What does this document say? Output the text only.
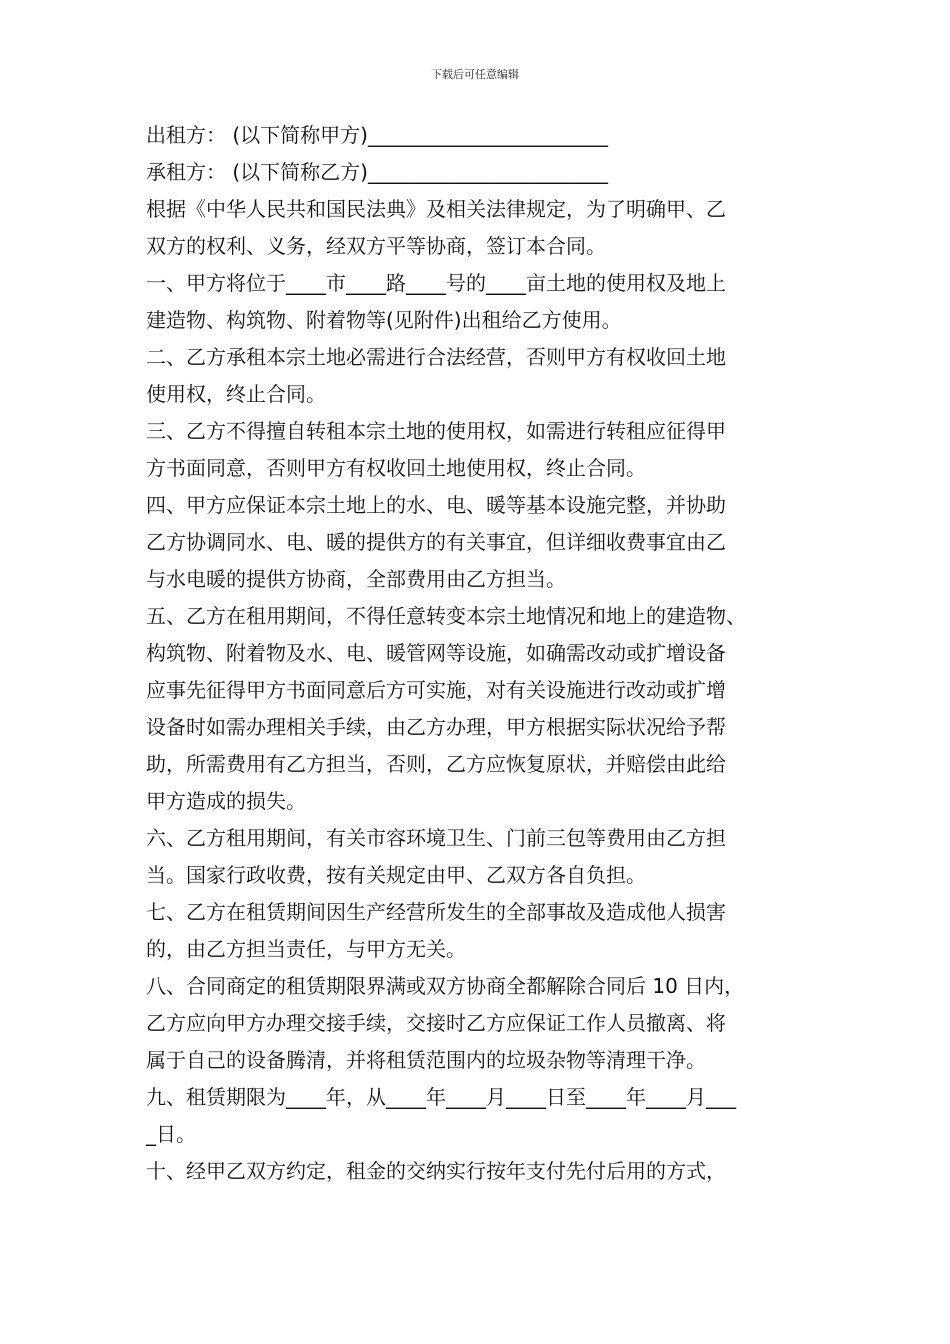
下载后可任意编辑
出租方： (以下简称甲方)________________________
承租方： (以下简称乙方)________________________
根据《中华人民共和国民法典》及相关法律规定，为了明确甲、乙
双方的权利、义务，经双方平等协商，签订本合同。
一、甲方将位于____市____路____号的____亩土地的使用权及地上
建造物、构筑物、附着物等(见附件)出租给乙方使用。
二、乙方承租本宗土地必需进行合法经营，否则甲方有权收回土地
使用权，终止合同。
三、乙方不得擅自转租本宗土地的使用权，如需进行转租应征得甲
方书面同意，否则甲方有权收回土地使用权，终止合同。
四、甲方应保证本宗土地上的水、电、暖等基本设施完整，并协助
乙方协调同水、电、暖的提供方的有关事宜，但详细收费事宜由乙
与水电暖的提供方协商，全部费用由乙方担当。
五、乙方在租用期间，不得任意转变本宗土地情况和地上的建造物、
构筑物、附着物及水、电、暖管网等设施，如确需改动或扩增设备
应事先征得甲方书面同意后方可实施，对有关设施进行改动或扩增
设备时如需办理相关手续，由乙方办理，甲方根据实际状况给予帮
助，所需费用有乙方担当，否则，乙方应恢复原状，并赔偿由此给
甲方造成的损失。
六、乙方租用期间，有关市容环境卫生、门前三包等费用由乙方担
当。国家行政收费，按有关规定由甲、乙双方各自负担。
七、乙方在租赁期间因生产经营所发生的全部事故及造成他人损害
的，由乙方担当责任，与甲方无关。
八、合同商定的租赁期限界满或双方协商全都解除合同后 10 日内，
乙方应向甲方办理交接手续，交接时乙方应保证工作人员撤离、将
属于自己的设备腾清，并将租赁范围内的垃圾杂物等清理干净。
九、租赁期限为____年，从____年____月____日至____年____月___
_日。
十、经甲乙双方约定，租金的交纳实行按年支付先付后用的方式，
